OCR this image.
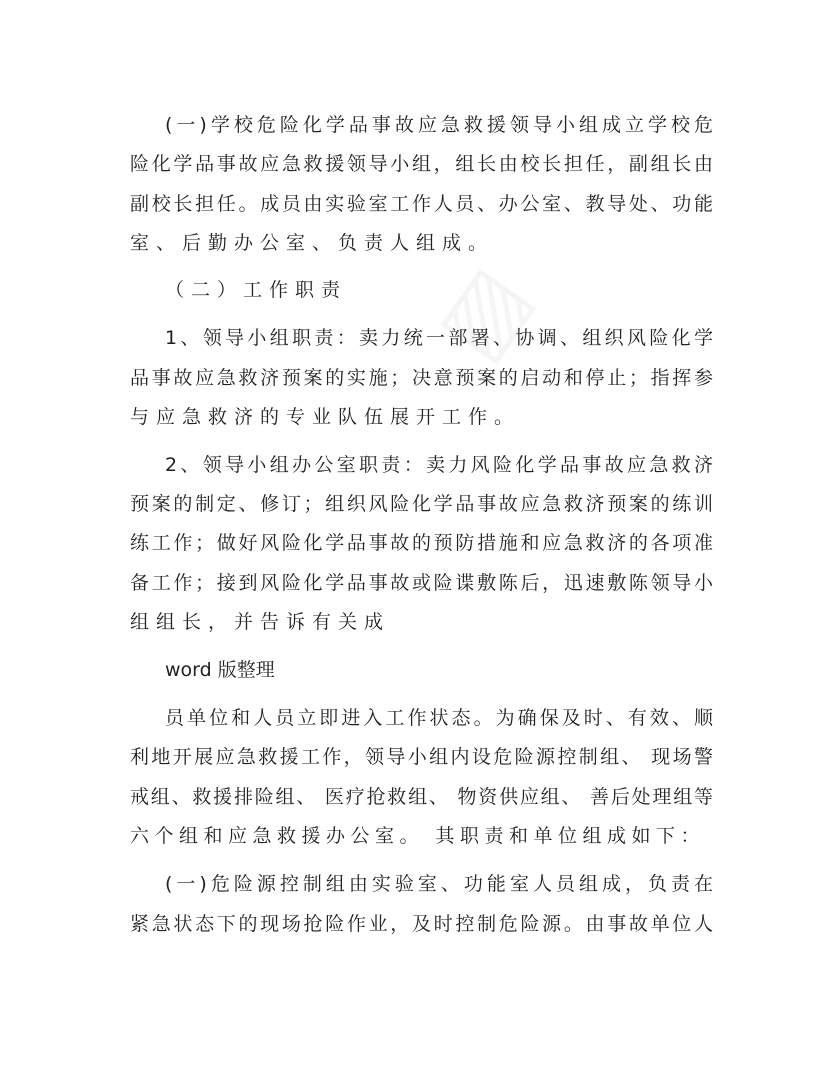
(一)学校危险化学品事故应急救援领导小组成立学校危
险化学品事故应急救援领导小组，组长由校长担任，副组长由
副校长担任。成员由实验室工作人员、办公室、教导处、功能
室、后勤办公室、负责人组成。
（二）工作职责
1、领导小组职责：卖力统一部署、协调、组织风险化学
品事故应急救济预案的实施；决意预案的启动和停止；指挥参
与应急救济的专业队伍展开工作。
2、领导小组办公室职责：卖力风险化学品事故应急救济
预案的制定、修订；组织风险化学品事故应急救济预案的练训
练工作；做好风险化学品事故的预防措施和应急救济的各项准
备工作；接到风险化学品事故或险谍敷陈后，迅速敷陈领导小
组组长，并告诉有关成
word 版整理
员单位和人员立即进入工作状态。为确保及时、有效、顺
利地开展应急救援工作，领导小组内设危险源控制组、 现场警
戒组、救援排险组、 医疗抢救组、 物资供应组、 善后处理组等
六个组和应急救援办公室。 其职责和单位组成如下：
(一)危险源控制组由实验室、功能室人员组成，负责在
紧急状态下的现场抢险作业，及时控制危险源。由事故单位人
